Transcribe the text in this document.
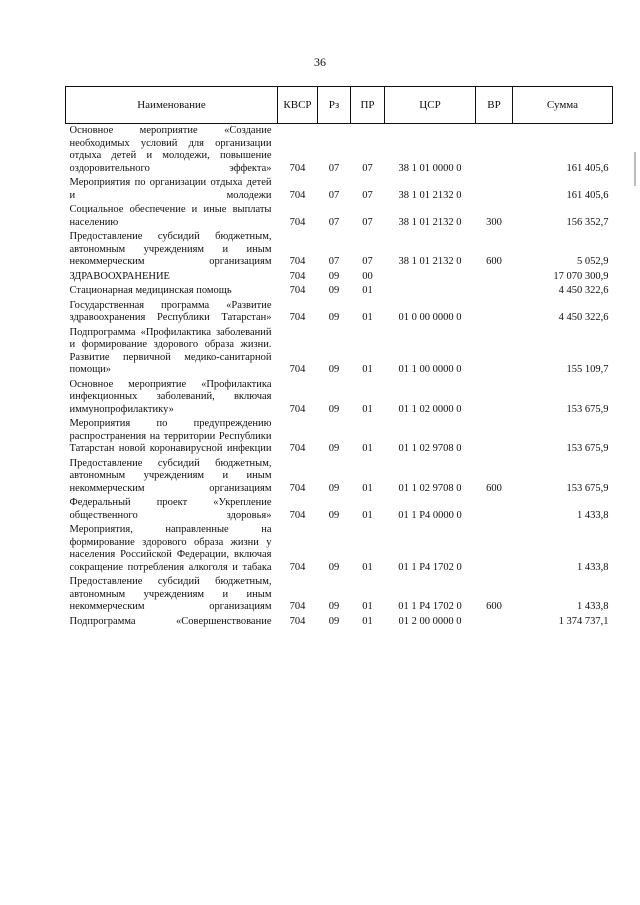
36
Наименование	КВСР	Рз	ПР	ЦСР	ВР	Сумма
Основное мероприятие «Создание необходимых условий для организации отдыха детей и молодежи, повышение оздоровительного эффекта»	704	07	07	38 1 01 0000 0		161 405,6
Мероприятия по организации отдыха детей и молодежи	704	07	07	38 1 01 2132 0		161 405,6
Социальное обеспечение и иные выплаты населению	704	07	07	38 1 01 2132 0	300	156 352,7
Предоставление субсидий бюджетным, автономным учреждениям и иным некоммерческим организациям	704	07	07	38 1 01 2132 0	600	5 052,9
ЗДРАВООХРАНЕНИЕ	704	09	00			17 070 300,9
Стационарная медицинская помощь	704	09	01			4 450 322,6
Государственная программа «Развитие здравоохранения Республики Татарстан»	704	09	01	01 0 00 0000 0		4 450 322,6
Подпрограмма «Профилактика заболеваний и формирование здорового образа жизни. Развитие первичной медико-санитарной помощи»	704	09	01	01 1 00 0000 0		155 109,7
Основное мероприятие «Профилактика инфекционных заболеваний, включая иммунопрофилактику»	704	09	01	01 1 02 0000 0		153 675,9
Мероприятия по предупреждению распространения на территории Республики Татарстан новой коронавирусной инфекции	704	09	01	01 1 02 9708 0		153 675,9
Предоставление субсидий бюджетным, автономным учреждениям и иным некоммерческим организациям	704	09	01	01 1 02 9708 0	600	153 675,9
Федеральный проект «Укрепление общественного здоровья»	704	09	01	01 1 P4 0000 0		1 433,8
Мероприятия, направленные на формирование здорового образа жизни у населения Российской Федерации, включая сокращение потребления алкоголя и табака	704	09	01	01 1 P4 1702 0		1 433,8
Предоставление субсидий бюджетным, автономным учреждениям и иным некоммерческим организациям	704	09	01	01 1 P4 1702 0	600	1 433,8
Подпрограмма «Совершенствование	704	09	01	01 2 00 0000 0		1 374 737,1
